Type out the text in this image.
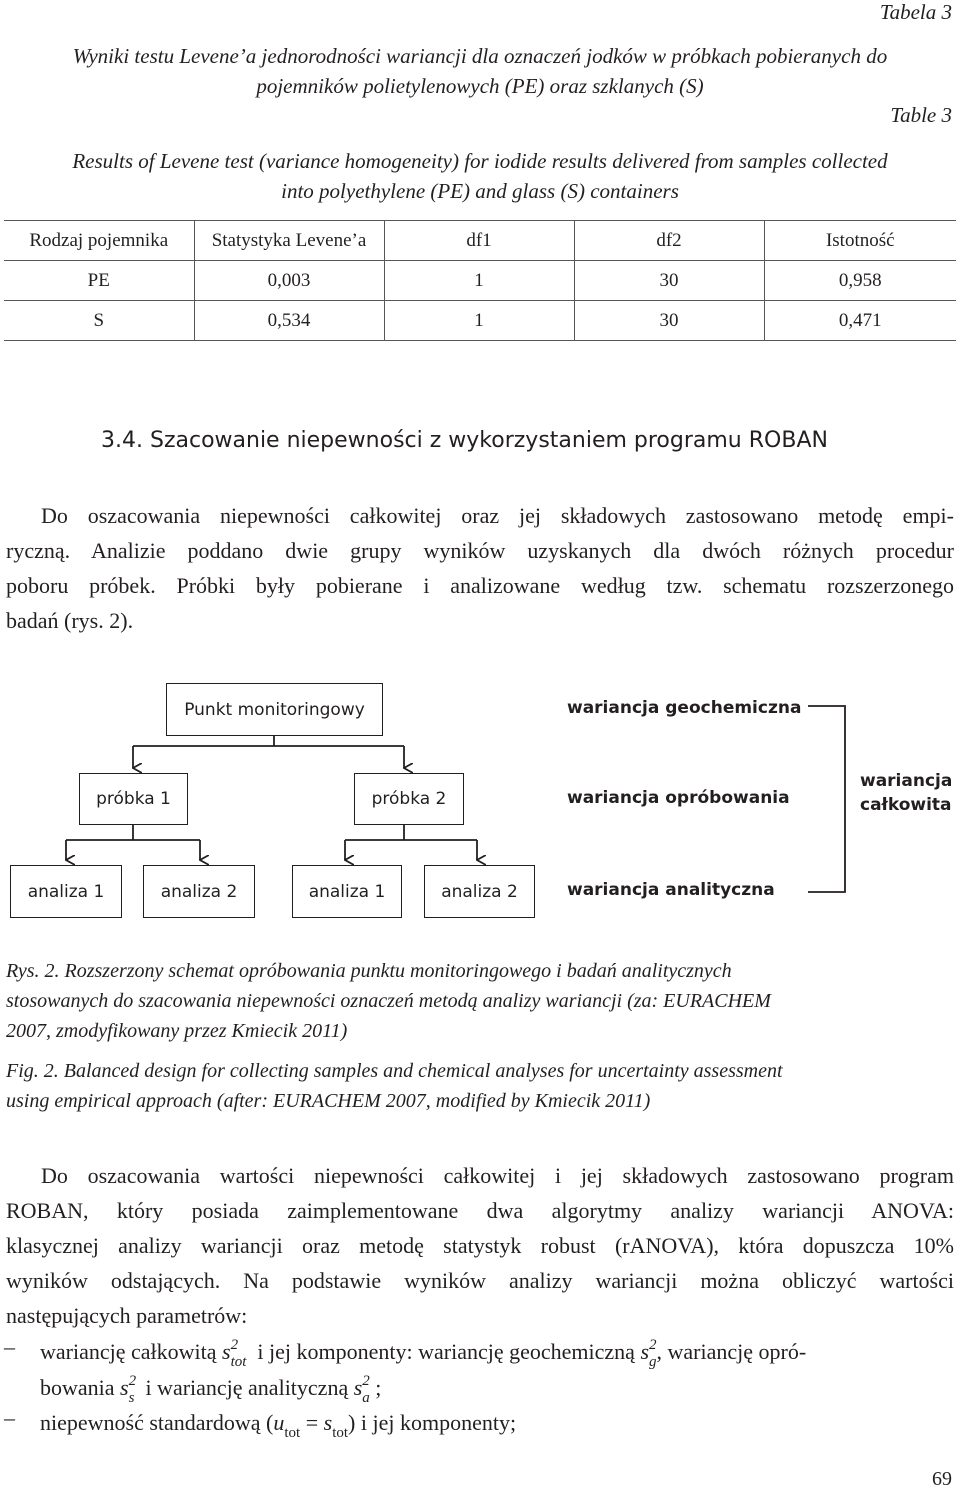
Tabela 3
Wyniki testu Levene’a jednorodności wariancji dla oznaczeń jodków w próbkach pobieranych do
pojemników polietylenowych (PE) oraz szklanych (S)
Table 3
Results of Levene test (variance homogeneity) for iodide results delivered from samples collected
into polyethylene (PE) and glass (S) containers
Rodzaj pojemnika	Statystyka Levene’a	df1	df2	Istotność
PE	0,003	1	30	0,958
S	0,534	1	30	0,471
3.4. Szacowanie niepewności z wykorzystaniem programu ROBAN
Do oszacowania niepewności całkowitej oraz jej składowych zastosowano metodę empi-
ryczną. Analizie poddano dwie grupy wyników uzyskanych dla dwóch różnych procedur
poboru próbek. Próbki były pobierane i analizowane według tzw. schematu rozszerzonego
badań (rys. 2).
Punkt monitoringowy
próbka 1	próbka 2
analiza 1	analiza 2	analiza 1	analiza 2
wariancja geochemiczna
wariancja opróbowania
wariancja analityczna
wariancja
całkowita
Rys. 2. Rozszerzony schemat opróbowania punktu monitoringowego i badań analitycznych
stosowanych do szacowania niepewności oznaczeń metodą analizy wariancji (za: EURACHEM
2007, zmodyfikowany przez Kmiecik 2011)
Fig. 2. Balanced design for collecting samples and chemical analyses for uncertainty assessment
using empirical approach (after: EURACHEM 2007, modified by Kmiecik 2011)
Do oszacowania wartości niepewności całkowitej i jej składowych zastosowano program
ROBAN, który posiada zaimplementowane dwa algorytmy analizy wariancji ANOVA:
klasycznej analizy wariancji oraz metodę statystyk robust (rANOVA), która dopuszcza 10%
wyników odstających. Na podstawie wyników analizy wariancji można obliczyć wartości
następujących parametrów:
– wariancję całkowitą $s^2_{tot}$ i jej komponenty: wariancję geochemiczną $s^2_g$, wariancję opró-
bowania $s^2_s$ i wariancję analityczną $s^2_a$ ;
– niepewność standardową $(u_{tot} = s_{tot})$ i jej komponenty;
69
